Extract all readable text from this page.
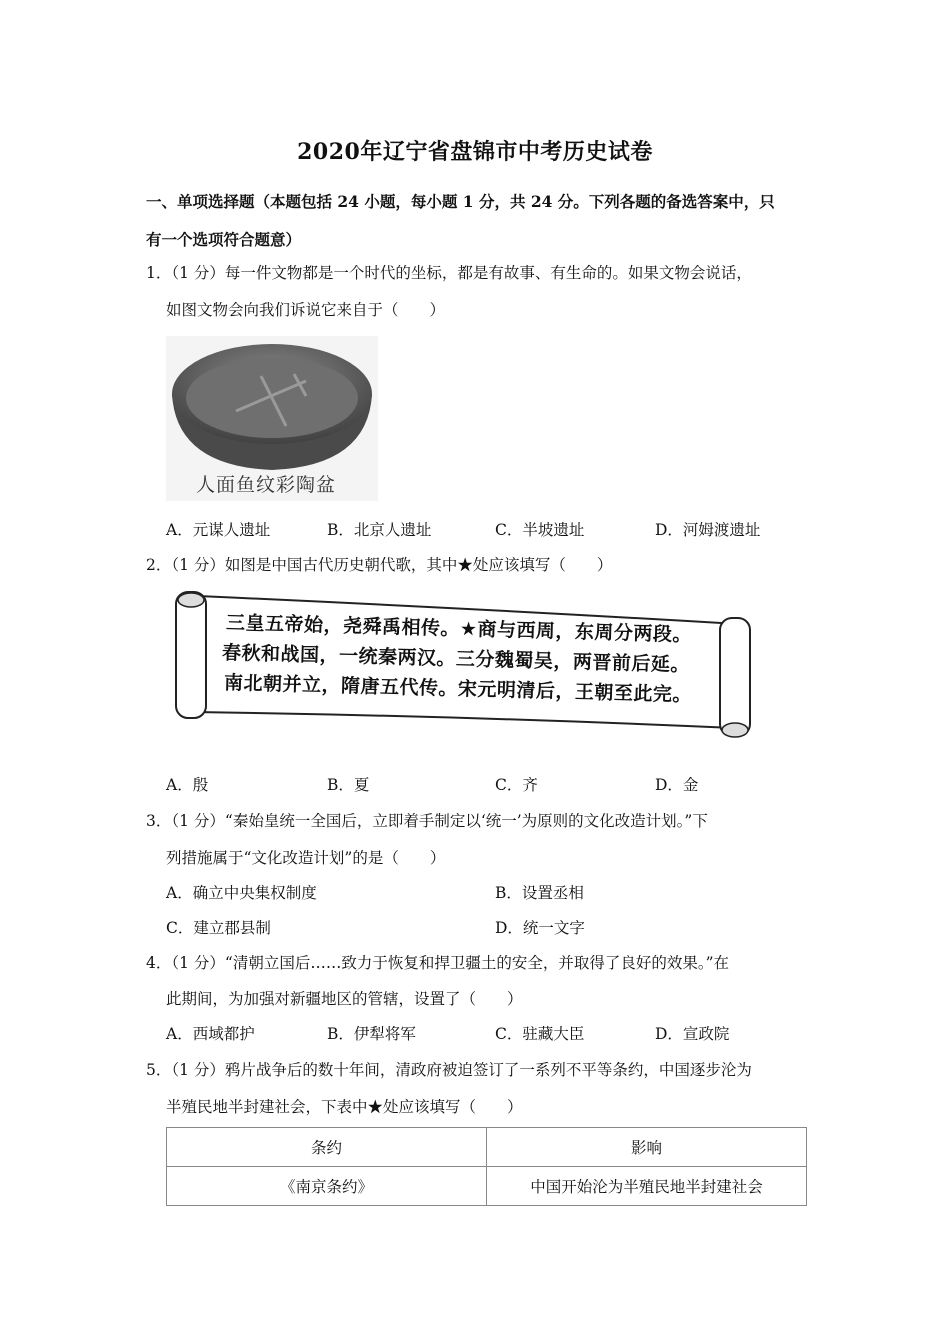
2020年辽宁省盘锦市中考历史试卷
一、单项选择题（本题包括 24 小题，每小题 1 分，共 24 分。下列各题的备选答案中，只
有一个选项符合题意）
1．（1 分）每一件文物都是一个时代的坐标，都是有故事、有生命的。如果文物会说话，
如图文物会向我们诉说它来自于（　　）
人面鱼纹彩陶盆
A．元谋人遗址	B．北京人遗址	C．半坡遗址	D．河姆渡遗址
2．（1 分）如图是中国古代历史朝代歌，其中★处应该填写（　　）
三皇五帝始，尧舜禹相传。★商与西周，东周分两段。
春秋和战国，一统秦两汉。三分魏蜀吴，两晋前后延。
南北朝并立，隋唐五代传。宋元明清后，王朝至此完。
A．殷	B．夏	C．齐	D．金
3．（1 分）“秦始皇统一全国后，立即着手制定以‘统一’为原则的文化改造计划。”下
列措施属于“文化改造计划”的是（　　）
A．确立中央集权制度	B．设置丞相
C．建立郡县制	D．统一文字
4．（1 分）“清朝立国后……致力于恢复和捍卫疆土的安全，并取得了良好的效果。”在
此期间，为加强对新疆地区的管辖，设置了（　　）
A．西域都护	B．伊犁将军	C．驻藏大臣	D．宣政院
5．（1 分）鸦片战争后的数十年间，清政府被迫签订了一系列不平等条约，中国逐步沦为
半殖民地半封建社会，下表中★处应该填写（　　）
条约	影响
《南京条约》	中国开始沦为半殖民地半封建社会
